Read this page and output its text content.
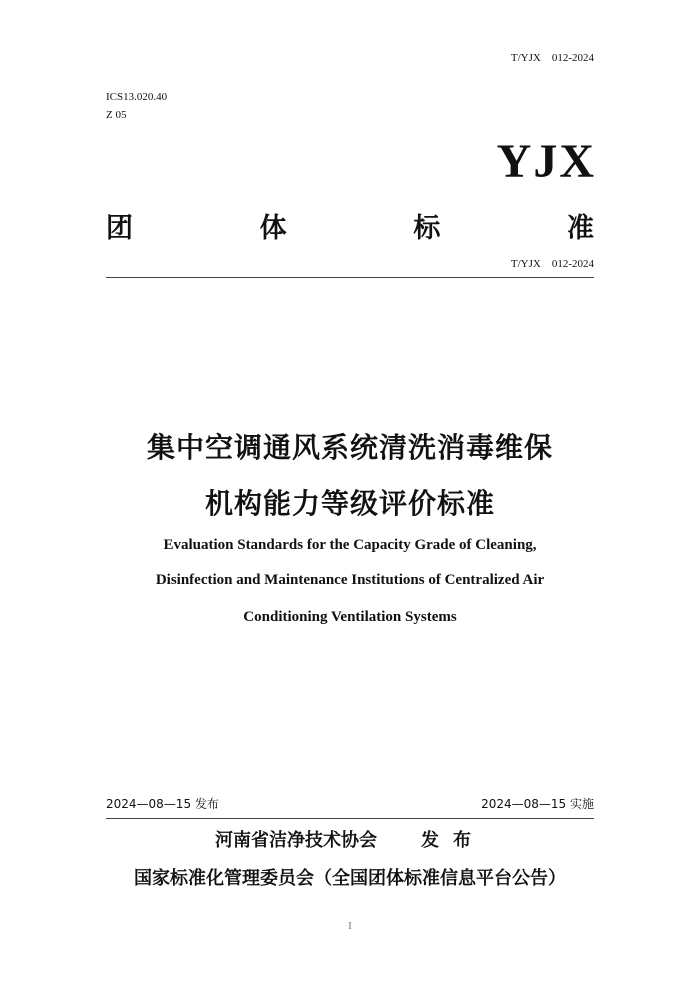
T/YJX    012-2024
ICS13.020.40
Z 05
YJX
团	体	标	准
T/YJX    012-2024
集中空调通风系统清洗消毒维保
机构能力等级评价标准
Evaluation Standards for the Capacity Grade of Cleaning,
Disinfection and Maintenance Institutions of Centralized Air
Conditioning Ventilation Systems
2024—08—15 发布	2024—08—15 实施
河南省洁净技术协会 发布
国家标准化管理委员会（全国团体标准信息平台公告）
I
